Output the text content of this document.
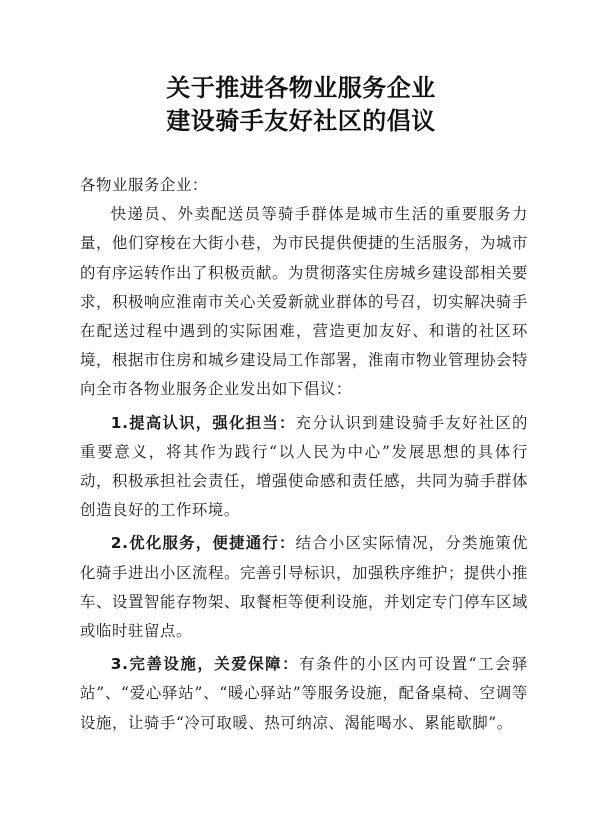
关于推进各物业服务企业
建设骑手友好社区的倡议

各物业服务企业：

快递员、外卖配送员等骑手群体是城市生活的重要服务力量，他们穿梭在大街小巷，为市民提供便捷的生活服务，为城市的有序运转作出了积极贡献。为贯彻落实住房城乡建设部相关要求，积极响应淮南市关心关爱新就业群体的号召，切实解决骑手在配送过程中遇到的实际困难，营造更加友好、和谐的社区环境，根据市住房和城乡建设局工作部署，淮南市物业管理协会特向全市各物业服务企业发出如下倡议：

1.提高认识，强化担当：充分认识到建设骑手友好社区的重要意义，将其作为践行“以人民为中心”发展思想的具体行动，积极承担社会责任，增强使命感和责任感，共同为骑手群体创造良好的工作环境。

2.优化服务，便捷通行：结合小区实际情况，分类施策优化骑手进出小区流程。完善引导标识，加强秩序维护；提供小推车、设置智能存物架、取餐柜等便利设施，并划定专门停车区域或临时驻留点。

3.完善设施，关爱保障：有条件的小区内可设置“工会驿站”、“爱心驿站”、“暖心驿站”等服务设施，配备桌椅、空调等设施，让骑手“冷可取暖、热可纳凉、渴能喝水、累能歇脚”。
